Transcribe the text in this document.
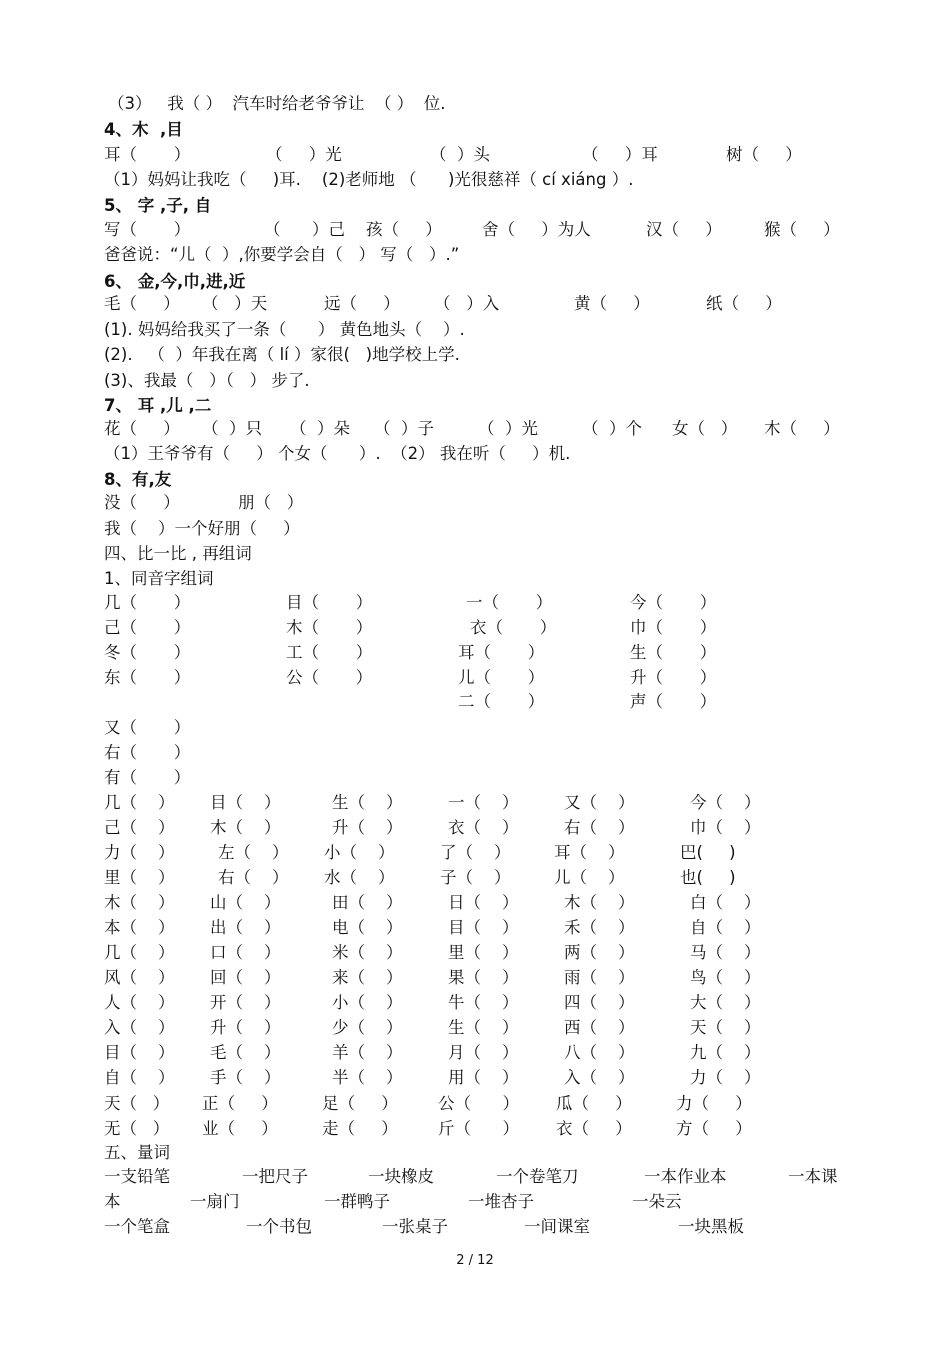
（3）   我（ ）  汽车时给老爷爷让  （ ）  位.
4、木  ,目
耳（       ）	（     ）光	（  ）头	（     ）耳	树（     ）
（1）妈妈让我吃（     )耳.    (2)老师地 （      )光很慈祥（ cí xiáng ）.
5、 字 ,子, 自
写（       ）	（      ）己 孩（     ） 舍（     ）为人	汉（     ）	猴（     ）
爸爸说：“儿（  ）,你要学会自（   ） 写（   ）.”
6、 金,今,巾,进,近
毛（     ） （   ）天	远（     ） （   ）入	黄（     ）	纸（     ）
(1). 妈妈给我买了一条（      ） 黄色地头（    ）.
(2).   （  ）年我在离（ lí ）家很(   )地学校上学.
(3)、我最（   ）（   ） 步了.
7、 耳 ,儿 ,二
花（     ） （  ）只 （  ）朵 （  ）子	（  ）光	（  ）个 女（   ） 木（     ）
（1）王爷爷有（     ） 个女（      ）.  （2） 我在听（     ）机.
8、有,友
没（     ）	朋（   ）
我（    ）一个好朋（     ）
四、比一比 , 再组词
1、同音字组词
几（       ）	目（       ）	一（       ）	今（       ）
己（       ）	木（       ）	衣（       ）	巾（       ）
冬（       ）	工（       ）	耳（       ）	生（       ）
东（       ）	公（       ）	儿（       ）	升（       ）
二（       ）	声（       ）
又（       ）
右（       ）
有（       ）
几（    ） 目（    ）	生（    ）	一（    ）	又（    ）	今（    ）
己（    ） 木（    ）	升（    ）	衣（    ）	右（    ）	巾（    ）
力（    ）	左（    ） 小（    ）	了（    ）	耳（    ）	巴(     )
里（    ）	右（    ） 水（    ）	子（    ）	儿（    ）	也(     )
木（    ） 山（    ）	田（    ）	日（    ）	木（    ）	白（    ）
本（    ） 出（    ）	电（    ）	目（    ）	禾（    ）	自（    ）
几（    ） 口（    ）	米（    ）	里（    ）	两（    ）	马（    ）
风（    ） 回（    ）	来（    ）	果（    ）	雨（    ）	鸟（    ）
人（    ） 开（    ）	小（    ）	牛（    ）	四（    ）	大（    ）
入（    ） 升（    ）	少（    ）	生（    ）	西（    ）	天（    ）
目（    ） 毛（    ）	羊（    ）	月（    ）	八（    ）	九（    ）
自（    ） 手（    ）	半（    ）	用（    ）	入（    ）	力（    ）
天（   ） 正（     ）	足（     ） 公（      ） 瓜（     ）	力（     ）
无（   ） 业（     ）	走（     ） 斤（      ） 衣（     ）	方（     ）
五、量词
一支铅笔	一把尺子	一块橡皮	一个卷笔刀	一本作业本	一本课
本	一扇门	一群鸭子	一堆杏子	一朵云
一个笔盒	一个书包	一张桌子	一间课室	一块黑板
2 / 12
